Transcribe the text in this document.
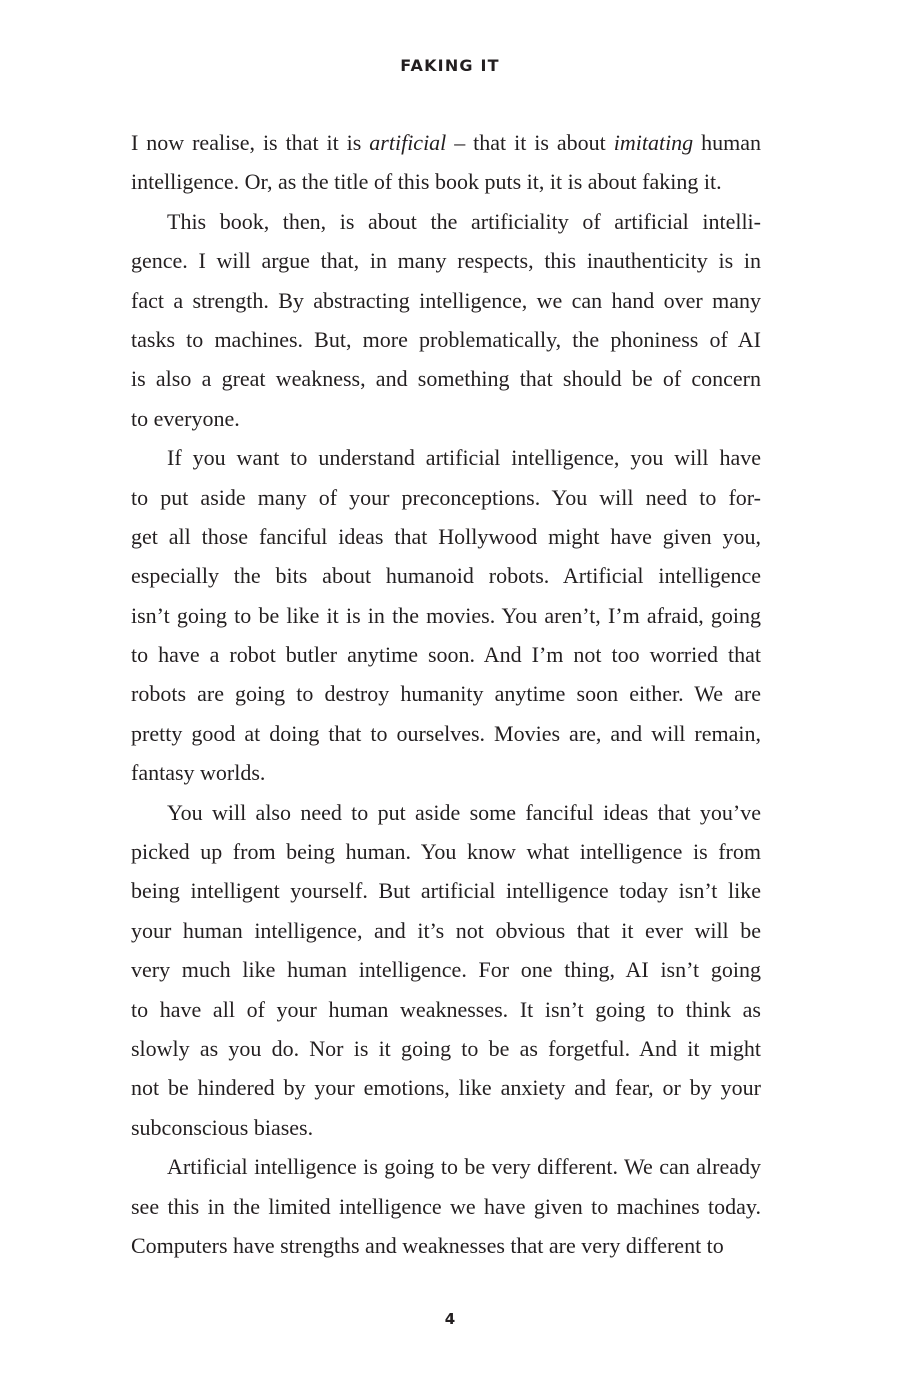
FAKING IT
I now realise, is that it is artificial – that it is about imitating human
intelligence. Or, as the title of this book puts it, it is about faking it.
This book, then, is about the artificiality of artificial intelli-
gence. I will argue that, in many respects, this inauthenticity is in
fact a strength. By abstracting intelligence, we can hand over many
tasks to machines. But, more problematically, the phoniness of AI
is also a great weakness, and something that should be of concern
to everyone.
If you want to understand artificial intelligence, you will have
to put aside many of your preconceptions. You will need to for-
get all those fanciful ideas that Hollywood might have given you,
especially the bits about humanoid robots. Artificial intelligence
isn’t going to be like it is in the movies. You aren’t, I’m afraid, going
to have a robot butler anytime soon. And I’m not too worried that
robots are going to destroy humanity anytime soon either. We are
pretty good at doing that to ourselves. Movies are, and will remain,
fantasy worlds.
You will also need to put aside some fanciful ideas that you’ve
picked up from being human. You know what intelligence is from
being intelligent yourself. But artificial intelligence today isn’t like
your human intelligence, and it’s not obvious that it ever will be
very much like human intelligence. For one thing, AI isn’t going
to have all of your human weaknesses. It isn’t going to think as
slowly as you do. Nor is it going to be as forgetful. And it might
not be hindered by your emotions, like anxiety and fear, or by your
subconscious biases.
Artificial intelligence is going to be very different. We can already
see this in the limited intelligence we have given to machines today.
Computers have strengths and weaknesses that are very different to
4
